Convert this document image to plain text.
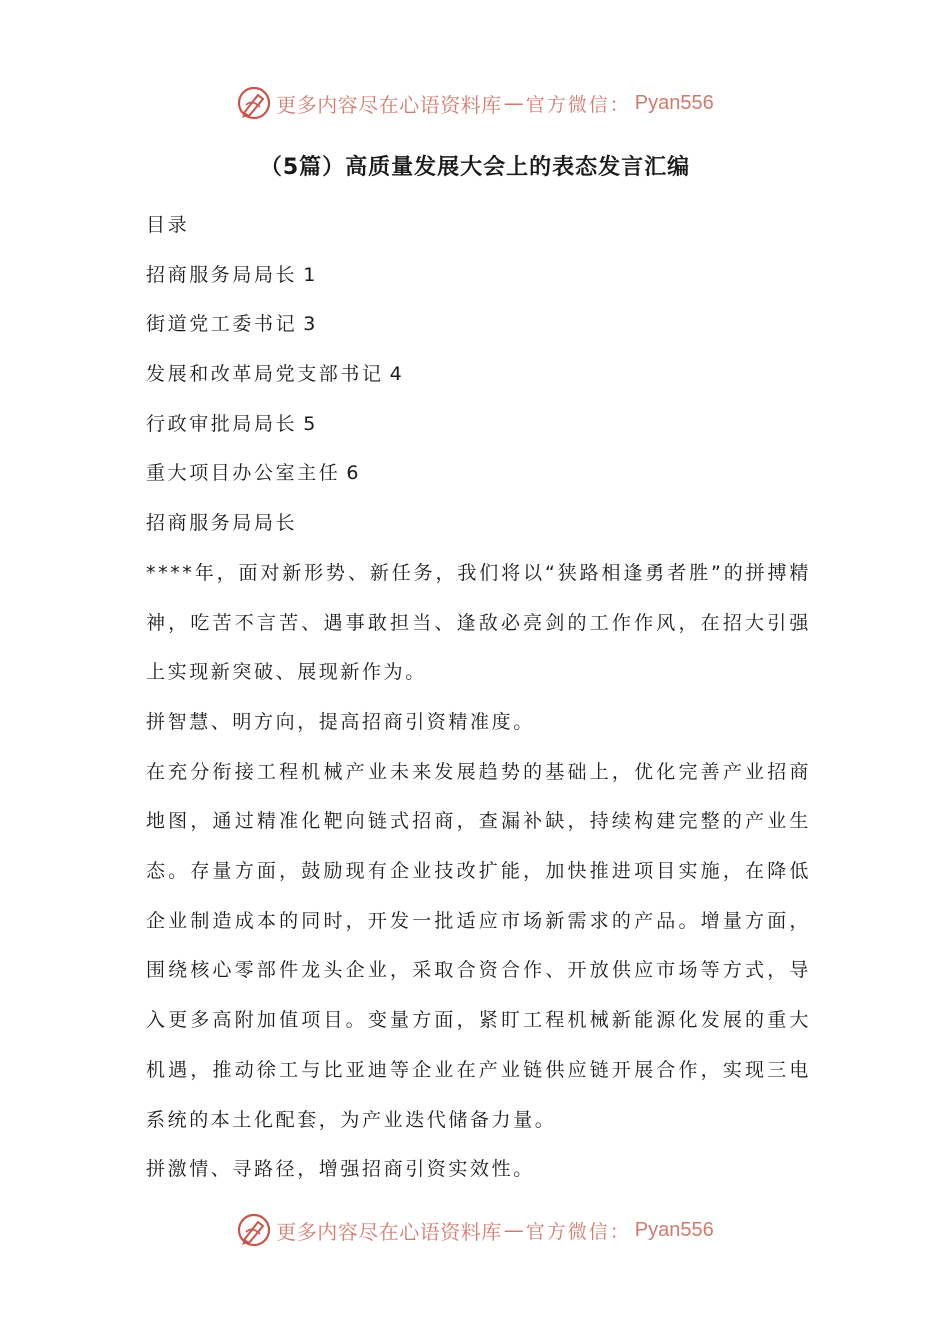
更多内容尽在心语资料库 — 官方微信： Pyan556
（5篇）高质量发展大会上的表态发言汇编
目录
招商服务局局长 1
街道党工委书记 3
发展和改革局党支部书记 4
行政审批局局长 5
重大项目办公室主任 6
招商服务局局长
****年，面对新形势、新任务，我们将以“狭路相逢勇者胜”的拼搏精神，吃苦不言苦、遇事敢担当、逢敌必亮剑的工作作风，在招大引强上实现新突破、展现新作为。
拼智慧、明方向，提高招商引资精准度。
在充分衔接工程机械产业未来发展趋势的基础上，优化完善产业招商地图，通过精准化靶向链式招商，查漏补缺，持续构建完整的产业生态。存量方面，鼓励现有企业技改扩能，加快推进项目实施，在降低企业制造成本的同时，开发一批适应市场新需求的产品。增量方面，围绕核心零部件龙头企业，采取合资合作、开放供应市场等方式，导入更多高附加值项目。变量方面，紧盯工程机械新能源化发展的重大机遇，推动徐工与比亚迪等企业在产业链供应链开展合作，实现三电系统的本土化配套，为产业迭代储备力量。
拼激情、寻路径，增强招商引资实效性。
更多内容尽在心语资料库 — 官方微信： Pyan556
